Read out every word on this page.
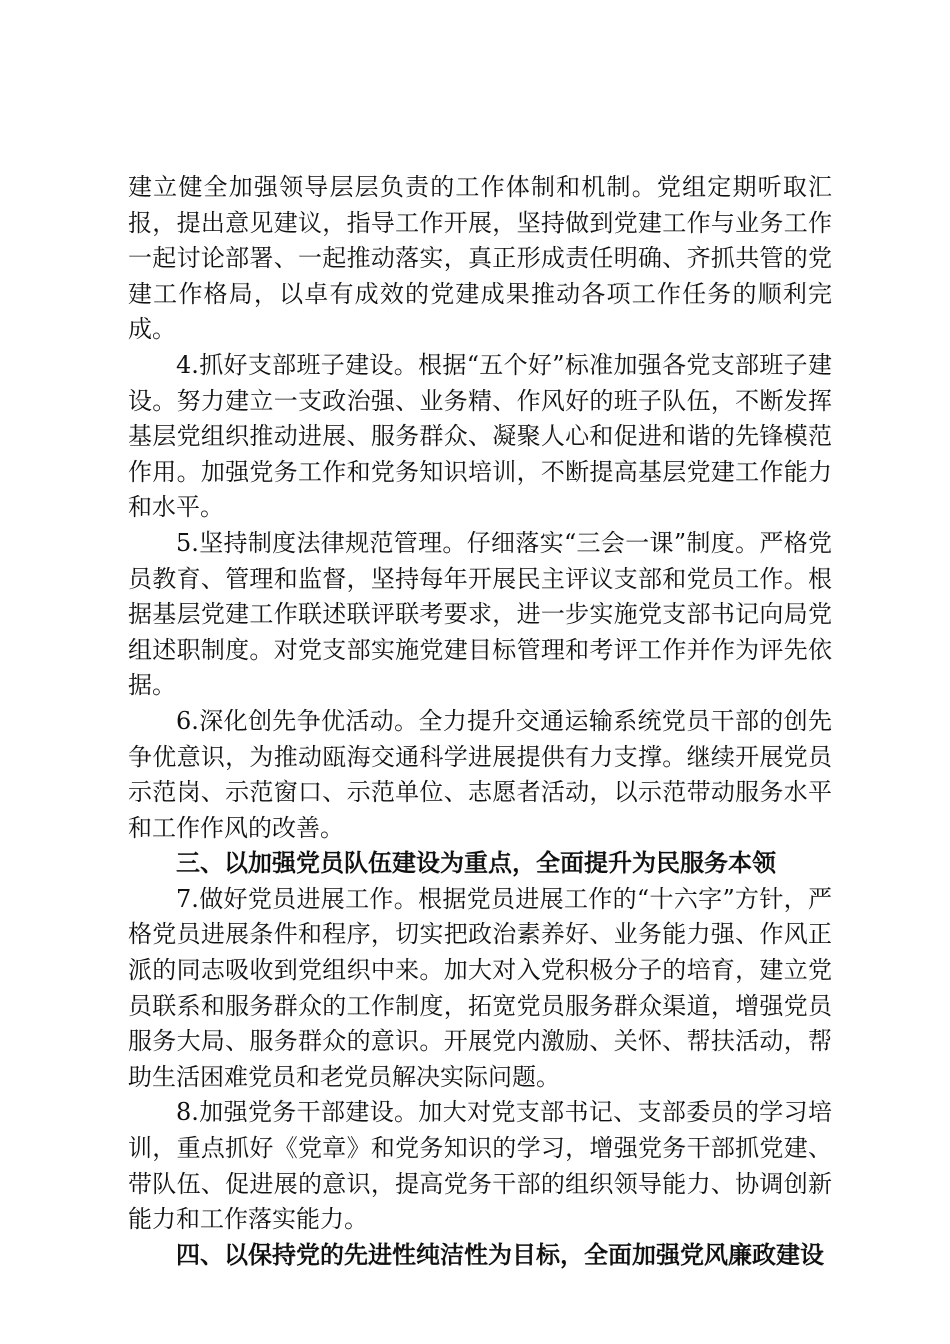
建立健全加强领导层层负责的工作体制和机制。党组定期听取汇报，提出意见建议，指导工作开展，坚持做到党建工作与业务工作一起讨论部署、一起推动落实，真正形成责任明确、齐抓共管的党建工作格局，以卓有成效的党建成果推动各项工作任务的顺利完成。

4.抓好支部班子建设。根据“五个好”标准加强各党支部班子建设。努力建立一支政治强、业务精、作风好的班子队伍，不断发挥基层党组织推动进展、服务群众、凝聚人心和促进和谐的先锋模范作用。加强党务工作和党务知识培训，不断提高基层党建工作能力和水平。

5.坚持制度法律规范管理。仔细落实“三会一课”制度。严格党员教育、管理和监督，坚持每年开展民主评议支部和党员工作。根据基层党建工作联述联评联考要求，进一步实施党支部书记向局党组述职制度。对党支部实施党建目标管理和考评工作并作为评先依据。

6.深化创先争优活动。全力提升交通运输系统党员干部的创先争优意识，为推动瓯海交通科学进展提供有力支撑。继续开展党员示范岗、示范窗口、示范单位、志愿者活动，以示范带动服务水平和工作作风的改善。

三、以加强党员队伍建设为重点，全面提升为民服务本领

7.做好党员进展工作。根据党员进展工作的“十六字”方针，严格党员进展条件和程序，切实把政治素养好、业务能力强、作风正派的同志吸收到党组织中来。加大对入党积极分子的培育，建立党员联系和服务群众的工作制度，拓宽党员服务群众渠道，增强党员服务大局、服务群众的意识。开展党内激励、关怀、帮扶活动，帮助生活困难党员和老党员解决实际问题。

8.加强党务干部建设。加大对党支部书记、支部委员的学习培训，重点抓好《党章》和党务知识的学习，增强党务干部抓党建、带队伍、促进展的意识，提高党务干部的组织领导能力、协调创新能力和工作落实能力。

四、以保持党的先进性纯洁性为目标，全面加强党风廉政建设
